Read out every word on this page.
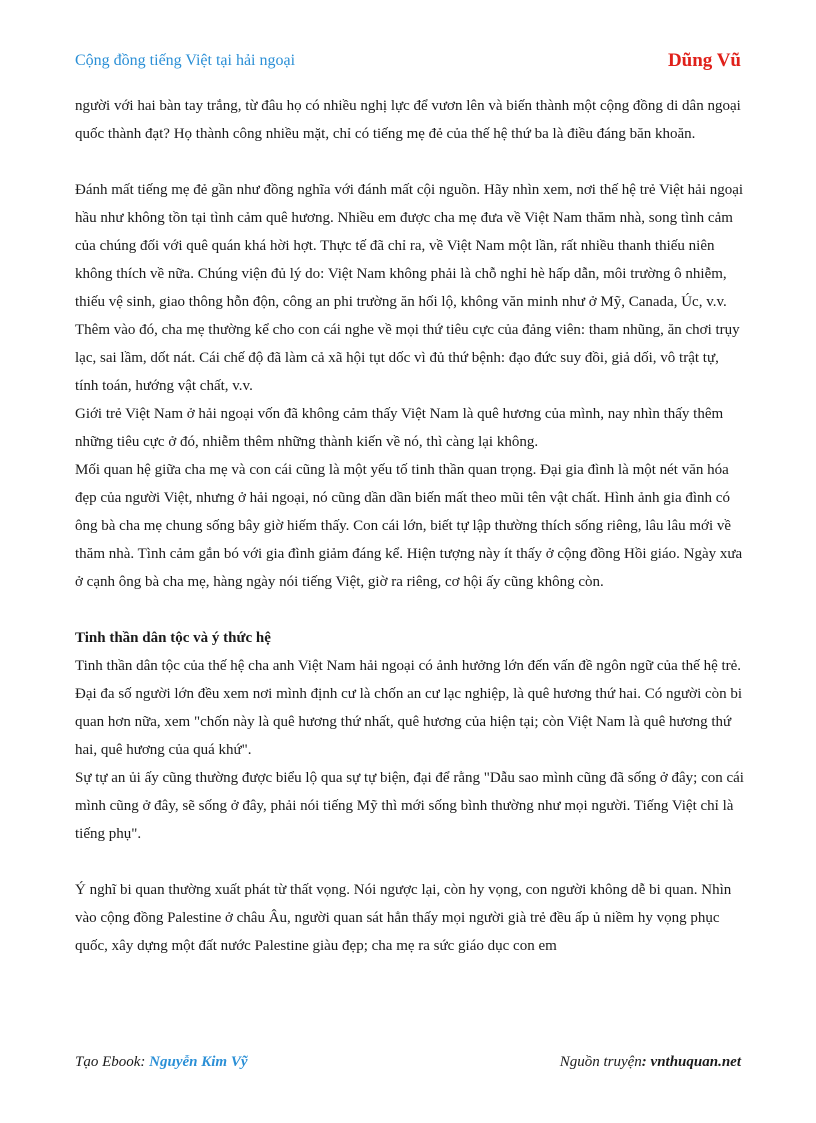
Cộng đồng tiếng Việt tại hải ngoại	Dũng Vũ

người với hai bàn tay trắng, từ đâu họ có nhiều nghị lực để vươn lên và biến thành một cộng đồng di dân ngoại quốc thành đạt? Họ thành công nhiều mặt, chỉ có tiếng mẹ đẻ của thế hệ thứ ba là điều đáng băn khoăn.

Đánh mất tiếng mẹ đẻ gần như đồng nghĩa với đánh mất cội nguồn. Hãy nhìn xem, nơi thế hệ trẻ Việt hải ngoại hầu như không tồn tại tình cảm quê hương. Nhiều em được cha mẹ đưa về Việt Nam thăm nhà, song tình cảm của chúng đối với quê quán khá hời hợt. Thực tế đã chỉ ra, về Việt Nam một lần, rất nhiều thanh thiếu niên không thích về nữa. Chúng viện đủ lý do: Việt Nam không phải là chỗ nghỉ hè hấp dẫn, môi trường ô nhiễm, thiếu vệ sinh, giao thông hỗn độn, công an phi trường ăn hối lộ, không văn minh như ở Mỹ, Canada, Úc, v.v.

Thêm vào đó, cha mẹ thường kể cho con cái nghe về mọi thứ tiêu cực của đảng viên: tham nhũng, ăn chơi trụy lạc, sai lầm, dốt nát. Cái chế độ đã làm cả xã hội tụt dốc vì đủ thứ bệnh: đạo đức suy đồi, giả dối, vô trật tự, tính toán, hướng vật chất, v.v.

Giới trẻ Việt Nam ở hải ngoại vốn đã không cảm thấy Việt Nam là quê hương của mình, nay nhìn thấy thêm những tiêu cực ở đó, nhiễm thêm những thành kiến về nó, thì càng lại không.

Mối quan hệ giữa cha mẹ và con cái cũng là một yếu tố tinh thần quan trọng. Đại gia đình là một nét văn hóa đẹp của người Việt, nhưng ở hải ngoại, nó cũng dần dần biến mất theo mũi tên vật chất. Hình ảnh gia đình có ông bà cha mẹ chung sống bây giờ hiếm thấy. Con cái lớn, biết tự lập thường thích sống riêng, lâu lâu mới về thăm nhà. Tình cảm gắn bó với gia đình giảm đáng kể. Hiện tượng này ít thấy ở cộng đồng Hồi giáo. Ngày xưa ở cạnh ông bà cha mẹ, hàng ngày nói tiếng Việt, giờ ra riêng, cơ hội ấy cũng không còn.

Tinh thần dân tộc và ý thức hệ

Tinh thần dân tộc của thế hệ cha anh Việt Nam hải ngoại có ảnh hưởng lớn đến vấn đề ngôn ngữ của thế hệ trẻ. Đại đa số người lớn đều xem nơi mình định cư là chốn an cư lạc nghiệp, là quê hương thứ hai. Có người còn bi quan hơn nữa, xem "chốn này là quê hương thứ nhất, quê hương của hiện tại; còn Việt Nam là quê hương thứ hai, quê hương của quá khứ".

Sự tự an ủi ấy cũng thường được biểu lộ qua sự tự biện, đại để rằng "Dẫu sao mình cũng đã sống ở đây; con cái mình cũng ở đây, sẽ sống ở đây, phải nói tiếng Mỹ thì mới sống bình thường như mọi người. Tiếng Việt chỉ là tiếng phụ".

Ý nghĩ bi quan thường xuất phát từ thất vọng. Nói ngược lại, còn hy vọng, con người không dễ bi quan. Nhìn vào cộng đồng Palestine ở châu Âu, người quan sát hẳn thấy mọi người già trẻ đều ấp ủ niềm hy vọng phục quốc, xây dựng một đất nước Palestine giàu đẹp; cha mẹ ra sức giáo dục con em

Tạo Ebook: Nguyễn Kim Vỹ	Nguồn truyện: vnthuquan.net
